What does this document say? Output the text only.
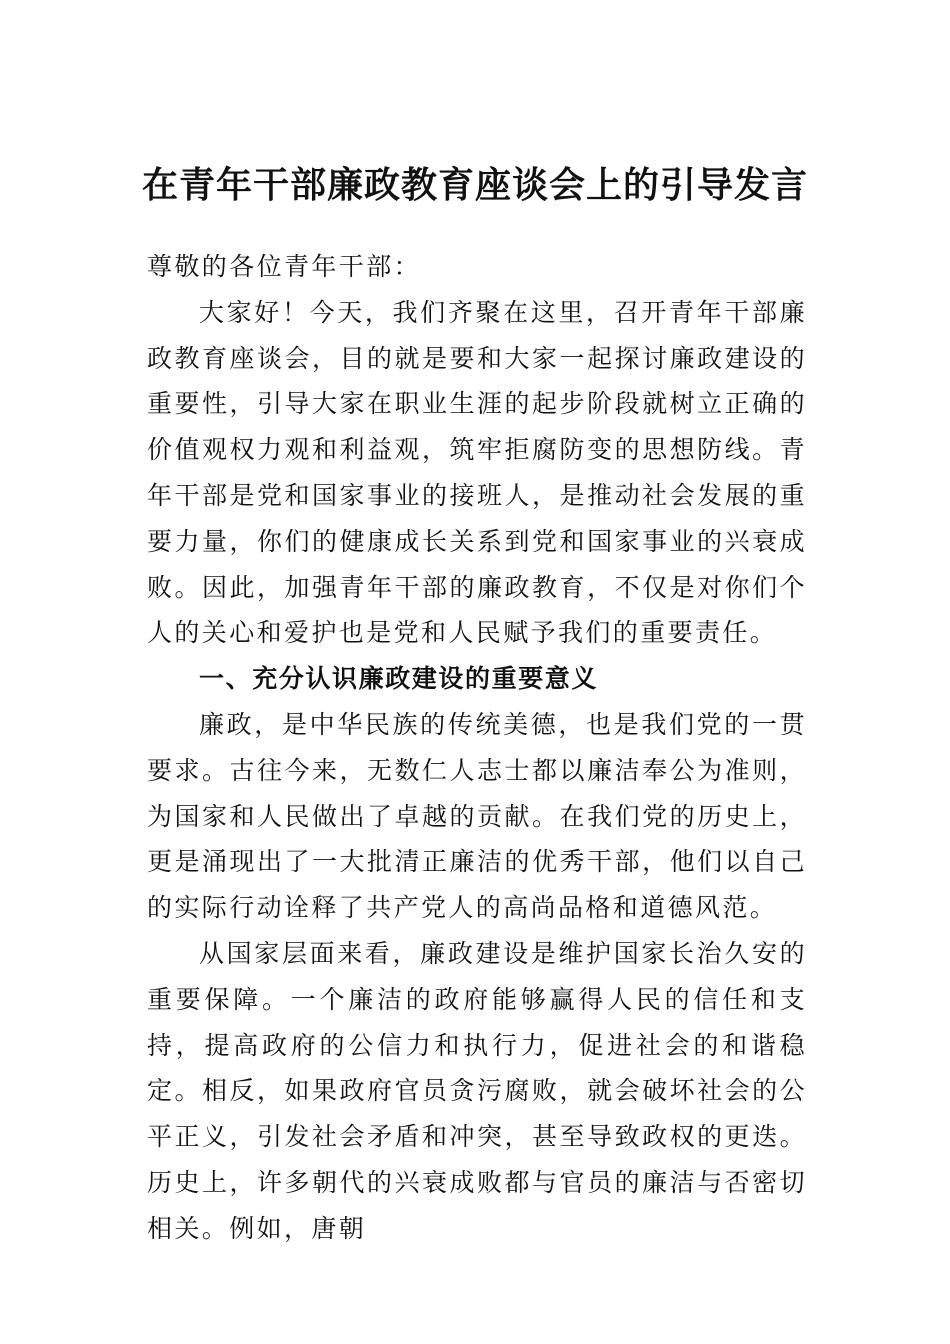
在青年干部廉政教育座谈会上的引导发言

尊敬的各位青年干部：

大家好！今天，我们齐聚在这里，召开青年干部廉政教育座谈会，目的就是要和大家一起探讨廉政建设的重要性，引导大家在职业生涯的起步阶段就树立正确的价值观权力观和利益观，筑牢拒腐防变的思想防线。青年干部是党和国家事业的接班人，是推动社会发展的重要力量，你们的健康成长关系到党和国家事业的兴衰成败。因此，加强青年干部的廉政教育，不仅是对你们个人的关心和爱护也是党和人民赋予我们的重要责任。

一、充分认识廉政建设的重要意义

廉政，是中华民族的传统美德，也是我们党的一贯要求。古往今来，无数仁人志士都以廉洁奉公为准则，为国家和人民做出了卓越的贡献。在我们党的历史上，更是涌现出了一大批清正廉洁的优秀干部，他们以自己的实际行动诠释了共产党人的高尚品格和道德风范。

从国家层面来看，廉政建设是维护国家长治久安的重要保障。一个廉洁的政府能够赢得人民的信任和支持，提高政府的公信力和执行力，促进社会的和谐稳定。相反，如果政府官员贪污腐败，就会破坏社会的公平正义，引发社会矛盾和冲突，甚至导致政权的更迭。历史上，许多朝代的兴衰成败都与官员的廉洁与否密切相关。例如，唐朝
